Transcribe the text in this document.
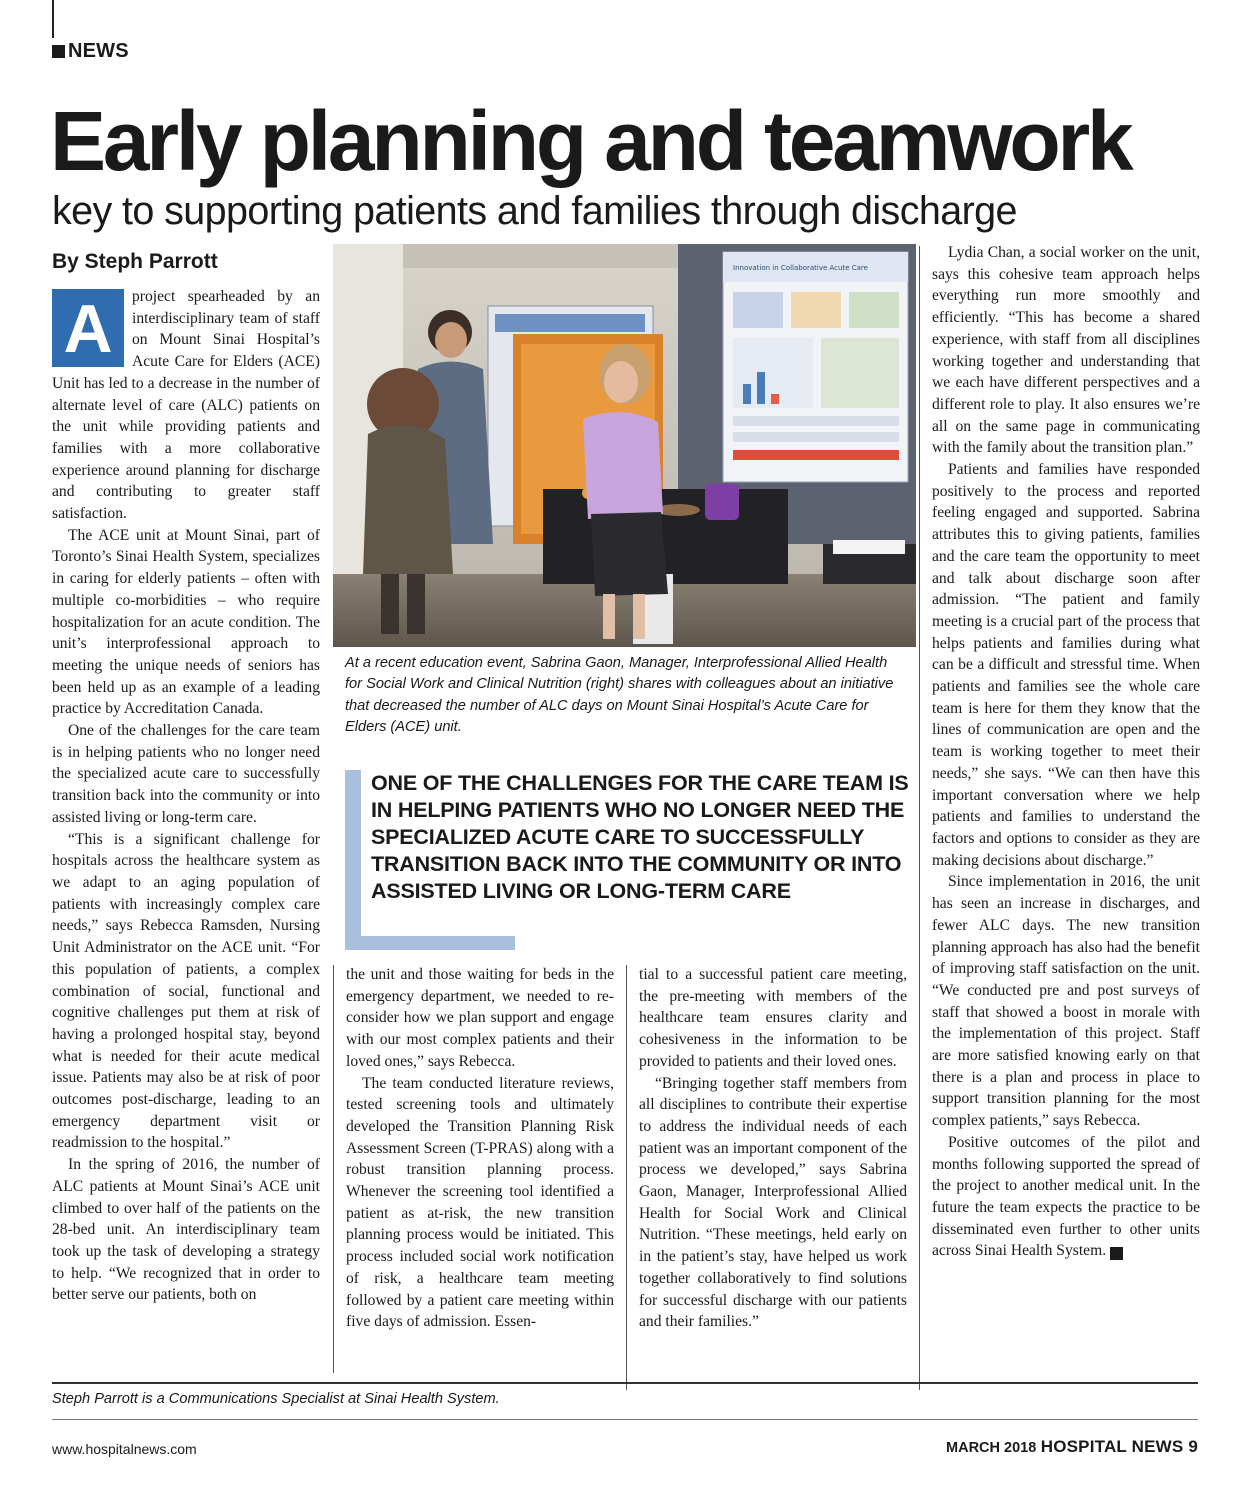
NEWS
Early planning and teamwork
key to supporting patients and families through discharge
By Steph Parrott

A	project spearheaded by an interdisciplinary team of staff on Mount Sinai Hospital’s Acute Care for Elders (ACE) Unit has led to a decrease in the number of alternate level of care (ALC) patients on the unit while providing patients and families with a more collaborative experience around planning for discharge and contributing to greater staff satisfaction.

The ACE unit at Mount Sinai, part of Toronto’s Sinai Health System, specializes in caring for elderly patients – often with multiple co-morbidities – who require hospitalization for an acute condition. The unit’s interprofessional approach to meeting the unique needs of seniors has been held up as an example of a leading practice by Accreditation Canada.

One of the challenges for the care team is in helping patients who no longer need the specialized acute care to successfully transition back into the community or into assisted living or long-term care.

“This is a significant challenge for hospitals across the healthcare system as we adapt to an aging population of patients with increasingly complex care needs,” says Rebecca Ramsden, Nursing Unit Administrator on the ACE unit. “For this population of patients, a complex combination of social, functional and cognitive challenges put them at risk of having a prolonged hospital stay, beyond what is needed for their acute medical issue. Patients may also be at risk of poor outcomes post-discharge, leading to an emergency department visit or readmission to the hospital.”

In the spring of 2016, the number of ALC patients at Mount Sinai’s ACE unit climbed to over half of the patients on the 28-bed unit. An interdisciplinary team took up the task of developing a strategy to help. “We recognized that in order to better serve our patients, both on

Innovation in Collaborative Acute Care
At a recent education event, Sabrina Gaon, Manager, Interprofessional Allied Health for Social Work and Clinical Nutrition (right) shares with colleagues about an initiative that decreased the number of ALC days on Mount Sinai Hospital’s Acute Care for Elders (ACE) unit.
ONE OF THE CHALLENGES FOR THE CARE TEAM IS IN HELPING PATIENTS WHO NO LONGER NEED THE SPECIALIZED ACUTE CARE TO SUCCESSFULLY TRANSITION BACK INTO THE COMMUNITY OR INTO ASSISTED LIVING OR LONG-TERM CARE

the unit and those waiting for beds in the emergency department, we needed to re-consider how we plan support and engage with our most complex patients and their loved ones,” says Rebecca.

The team conducted literature reviews, tested screening tools and ultimately developed the Transition Planning Risk Assessment Screen (T-PRAS) along with a robust transition planning process. Whenever the screening tool identified a patient as at-risk, the new transition planning process would be initiated. This process included social work notification of risk, a healthcare team meeting followed by a patient care meeting within five days of admission. Essen-

tial to a successful patient care meeting, the pre-meeting with members of the healthcare team ensures clarity and cohesiveness in the information to be provided to patients and their loved ones.

“Bringing together staff members from all disciplines to contribute their expertise to address the individual needs of each patient was an important component of the process we developed,” says Sabrina Gaon, Manager, Interprofessional Allied Health for Social Work and Clinical Nutrition. “These meetings, held early on in the patient’s stay, have helped us work together collaboratively to find solutions for successful discharge with our patients and their families.”

Lydia Chan, a social worker on the unit, says this cohesive team approach helps everything run more smoothly and efficiently. “This has become a shared experience, with staff from all disciplines working together and understanding that we each have different perspectives and a different role to play. It also ensures we’re all on the same page in communicating with the family about the transition plan.”

Patients and families have responded positively to the process and reported feeling engaged and supported. Sabrina attributes this to giving patients, families and the care team the opportunity to meet and talk about discharge soon after admission. “The patient and family meeting is a crucial part of the process that helps patients and families during what can be a difficult and stressful time. When patients and families see the whole care team is here for them they know that the lines of communication are open and the team is working together to meet their needs,” she says. “We can then have this important conversation where we help patients and families to understand the factors and options to consider as they are making decisions about discharge.”

Since implementation in 2016, the unit has seen an increase in discharges, and fewer ALC days. The new transition planning approach has also had the benefit of improving staff satisfaction on the unit. “We conducted pre and post surveys of staff that showed a boost in morale with the implementation of this project. Staff are more satisfied knowing early on that there is a plan and process in place to support transition planning for the most complex patients,” says Rebecca.

Positive outcomes of the pilot and months following supported the spread of the project to another medical unit. In the future the team expects the practice to be disseminated even further to other units across Sinai Health System. H

Steph Parrott is a Communications Specialist at Sinai Health System.
www.hospitalnews.com	MARCH 2018 HOSPITAL NEWS 9
